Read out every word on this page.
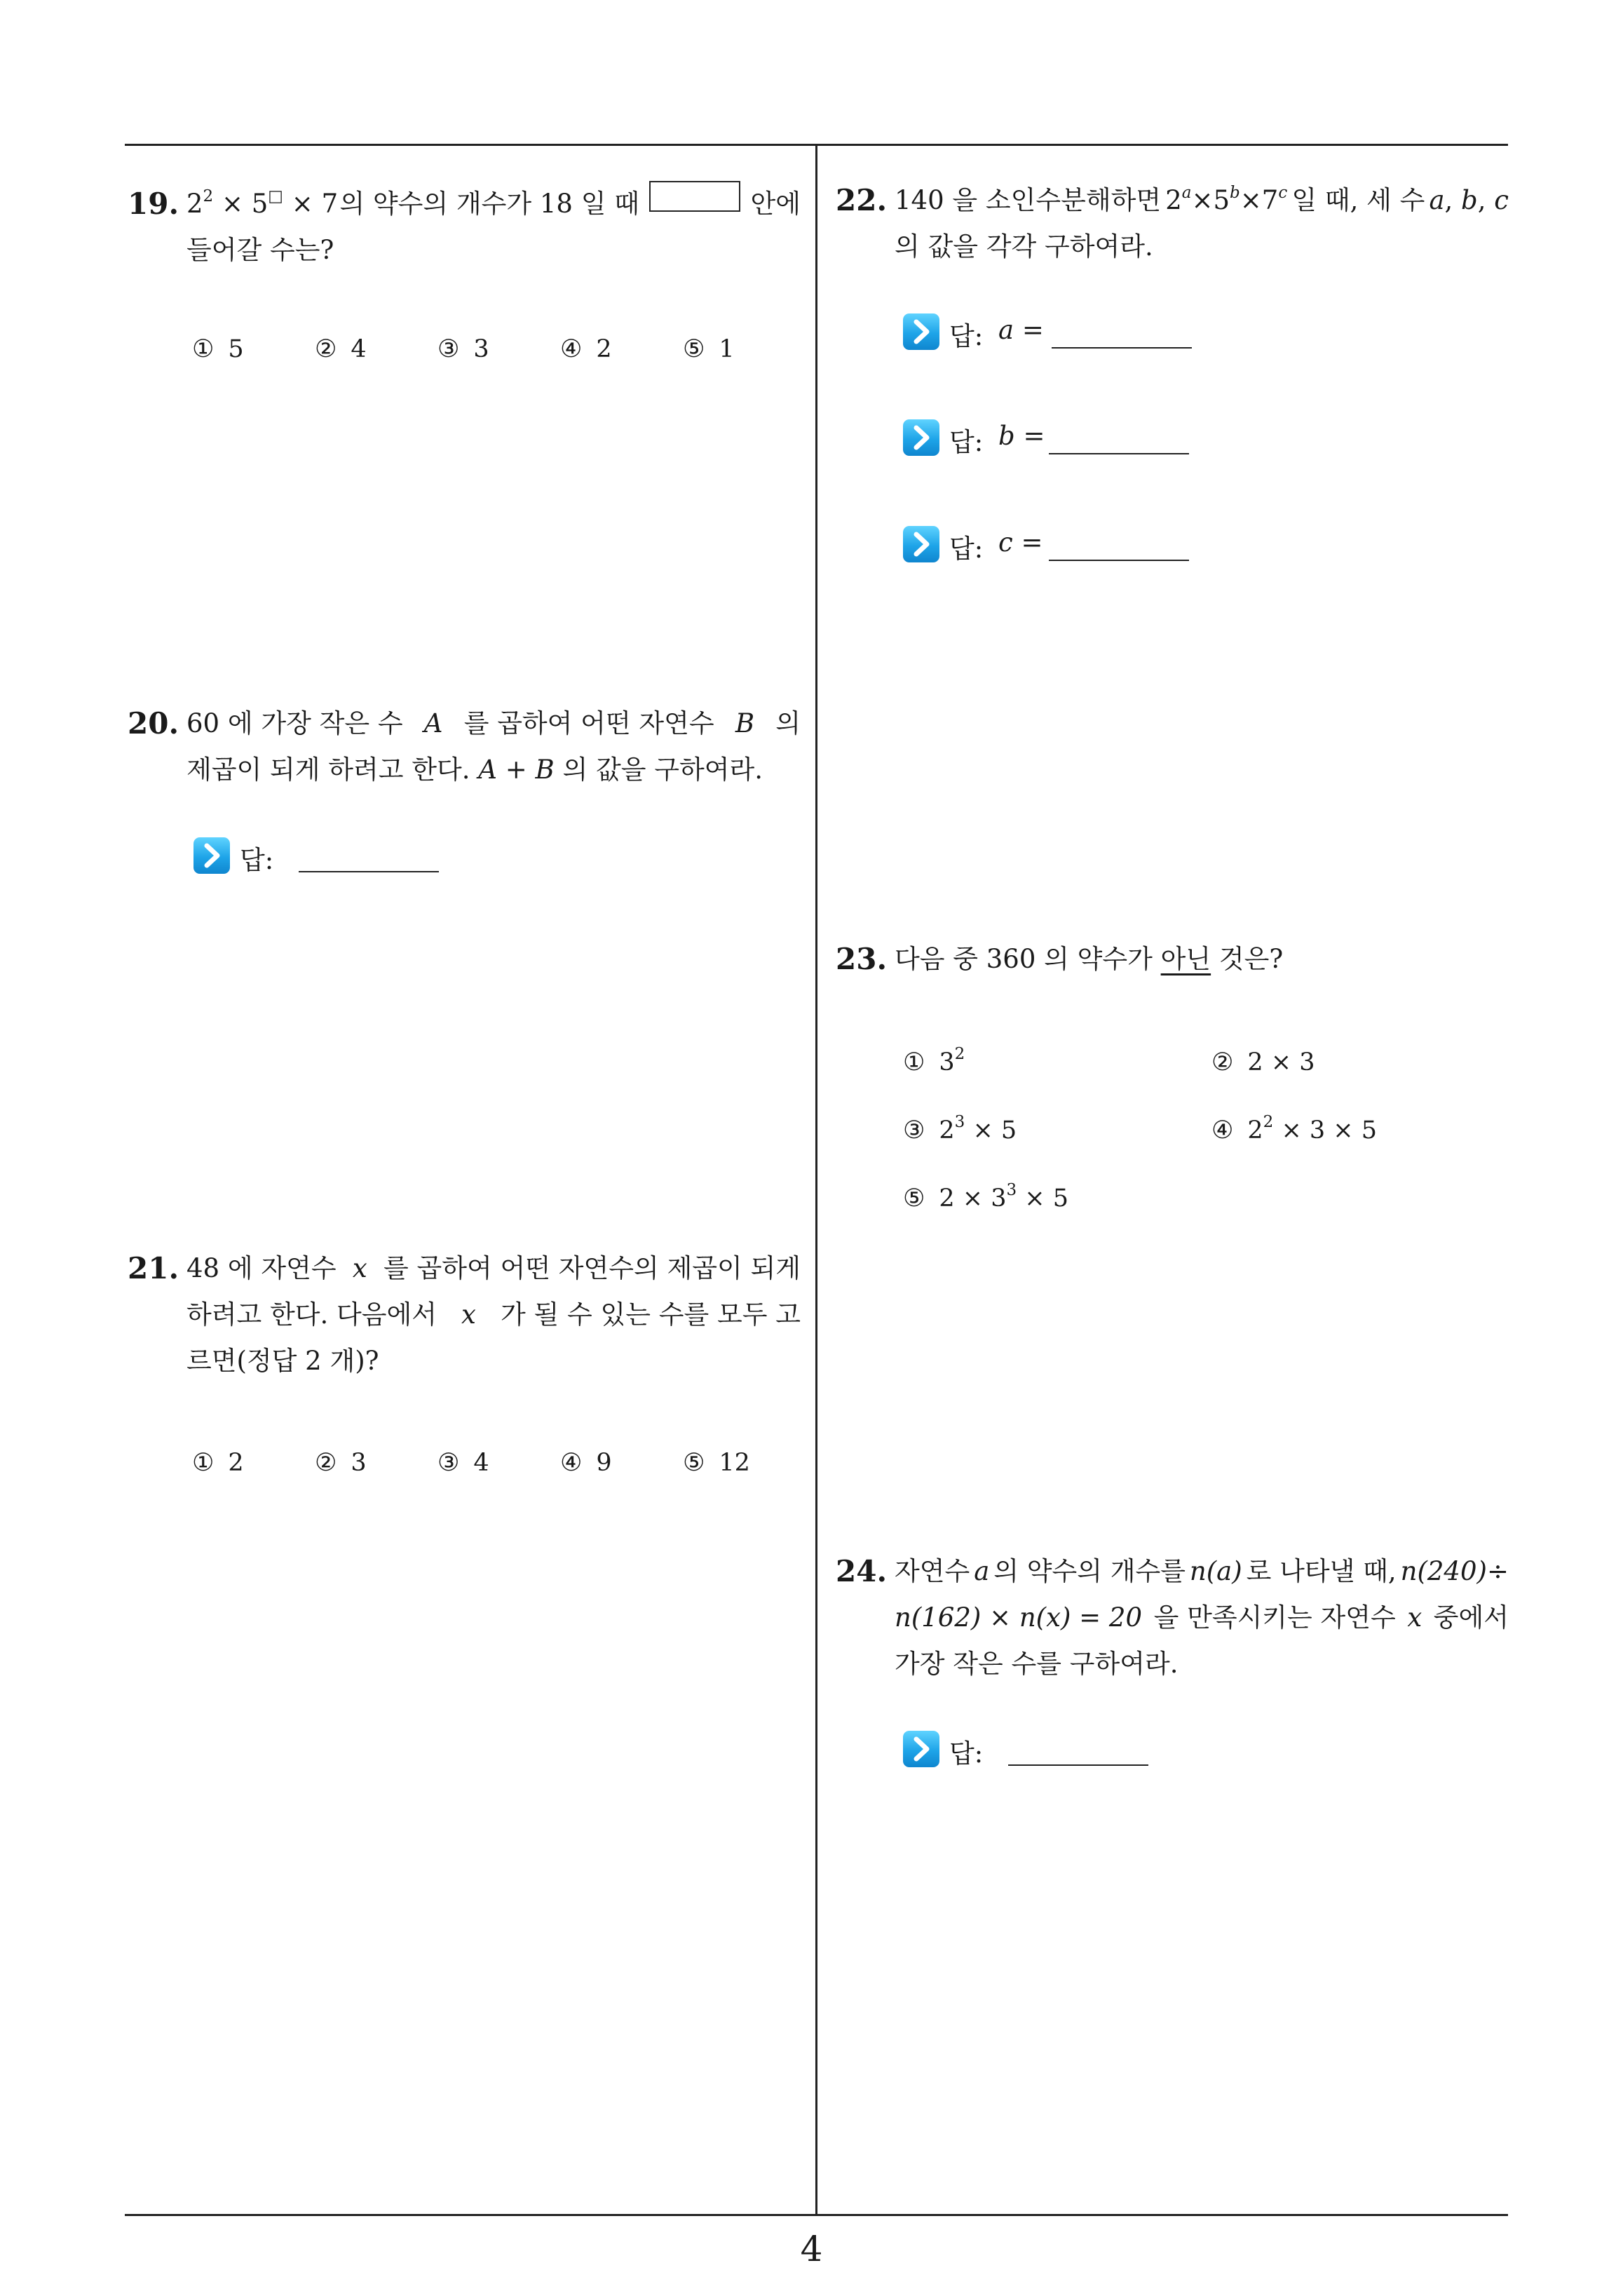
19. $2^2 \times 5^□ \times 7$ 의 약수의 개수가 18 일 때	안에
들어갈 수는?
① 5	② 4	③ 3	④ 2	⑤ 1
20. 60 에 가장 작은 수 A 를 곱하여 어떤 자연수 B 의
제곱이 되게 하려고 한다. A + B 의 값을 구하여라.
답:
21. 48 에 자연수 x 를 곱하여 어떤 자연수의 제곱이 되게
하려고 한다. 다음에서 x 가 될 수 있는 수를 모두 고
르면(정답 2 개)?
① 2	② 3	③ 4	④ 9	⑤ 12
22. 140 을 소인수분해하면 $2^a\times 5^b\times 7^c$ 일 때, 세 수 a, b, c
의 값을 각각 구하여라.
답: a =
답: b =
답: c =
23. 다음 중 360 의 약수가 아닌 것은?
① $3^2$	② 2 × 3
③ $2^3 \times 5$	④ $2^2 \times 3 \times 5$
⑤ $2 \times 3^3 \times 5$
24. 자연수 a 의 약수의 개수를 n(a) 로 나타낼 때, n(240)÷
n(162) × n(x) = 20 을 만족시키는 자연수 x 중에서
가장 작은 수를 구하여라.
답:
4
